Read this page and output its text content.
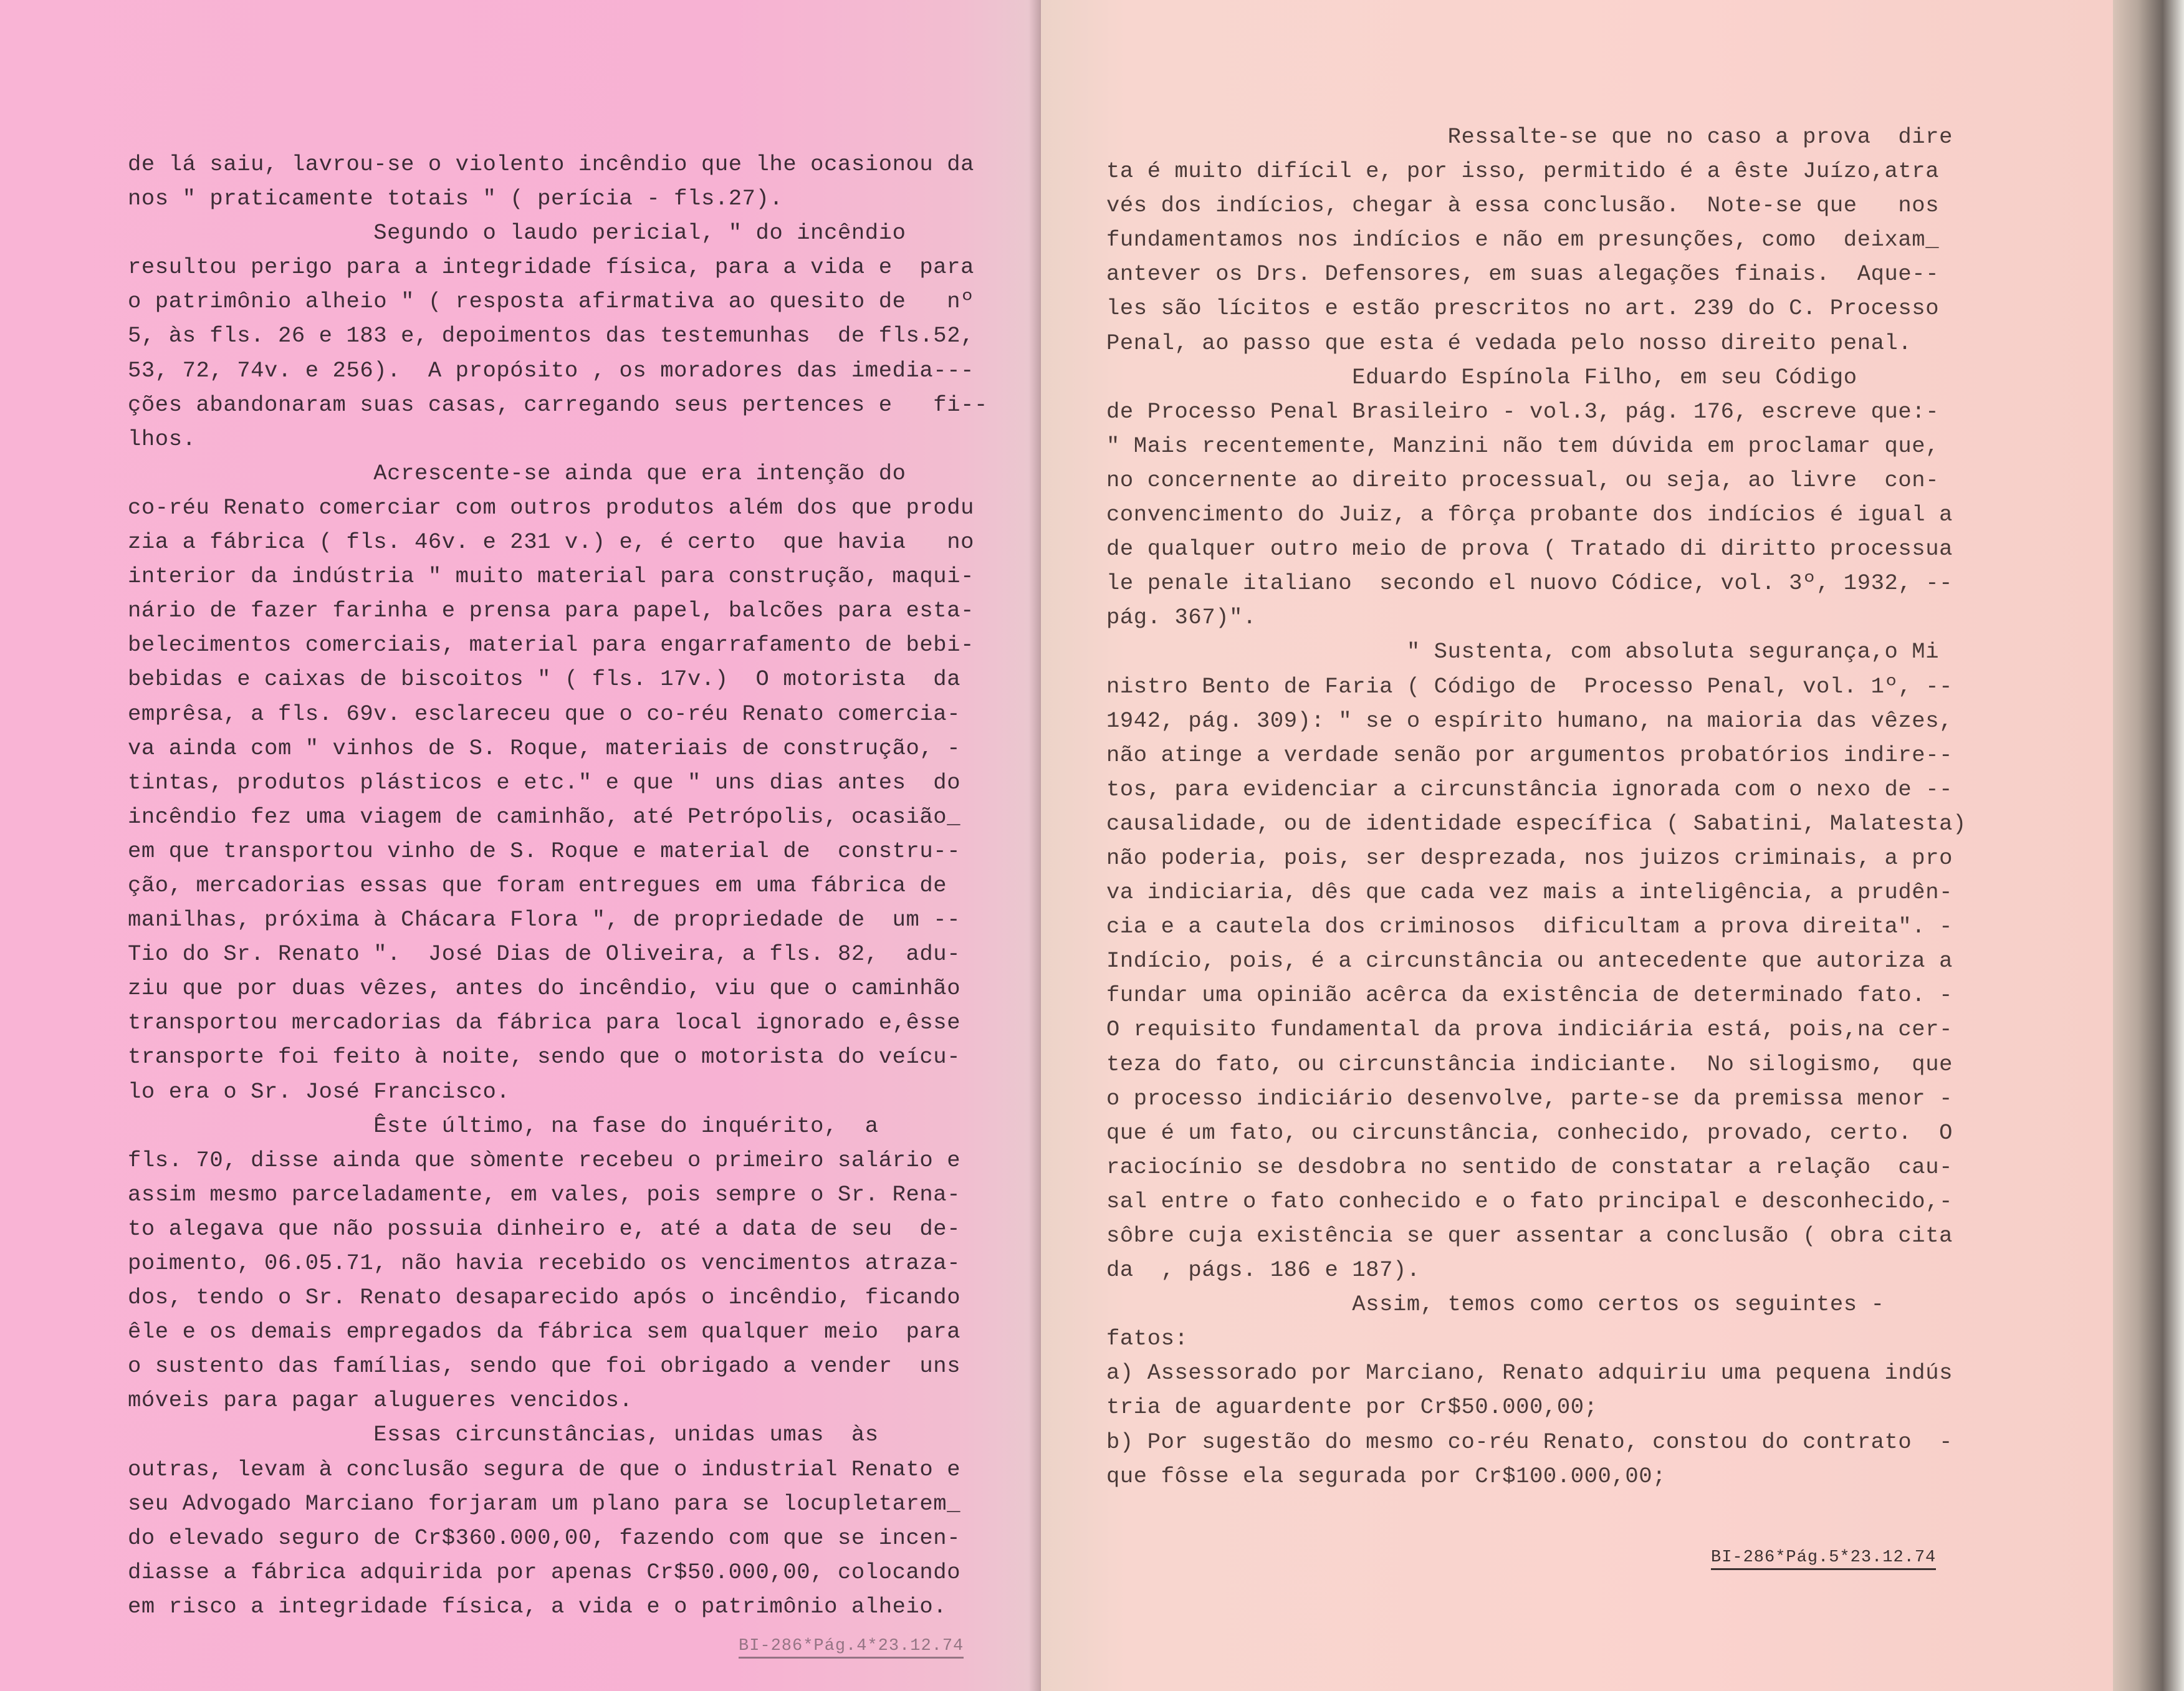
de lá saiu, lavrou-se o violento incêndio que lhe ocasionou da
nos " praticamente totais " ( perícia - fls.27).
Segundo o laudo pericial, " do incêndio
resultou perigo para a integridade física, para a vida e  para
o patrimônio alheio " ( resposta afirmativa ao quesito de   nº
5, às fls. 26 e 183 e, depoimentos das testemunhas  de fls.52,
53, 72, 74v. e 256).  A propósito , os moradores das imedia---
ções abandonaram suas casas, carregando seus pertences e   fi--
lhos.
Acrescente-se ainda que era intenção do
co-réu Renato comerciar com outros produtos além dos que produ
zia a fábrica ( fls. 46v. e 231 v.) e, é certo  que havia   no
interior da indústria " muito material para construção, maqui-
nário de fazer farinha e prensa para papel, balcões para esta-
belecimentos comerciais, material para engarrafamento de bebi-
bebidas e caixas de biscoitos " ( fls. 17v.)  O motorista  da
emprêsa, a fls. 69v. esclareceu que o co-réu Renato comercia-
va ainda com " vinhos de S. Roque, materiais de construção, -
tintas, produtos plásticos e etc." e que " uns dias antes  do
incêndio fez uma viagem de caminhão, até Petrópolis, ocasião_
em que transportou vinho de S. Roque e material de  constru--
ção, mercadorias essas que foram entregues em uma fábrica de
manilhas, próxima à Chácara Flora ", de propriedade de  um --
Tio do Sr. Renato ".  José Dias de Oliveira, a fls. 82,  adu-
ziu que por duas vêzes, antes do incêndio, viu que o caminhão
transportou mercadorias da fábrica para local ignorado e,êsse
transporte foi feito à noite, sendo que o motorista do veícu-
lo era o Sr. José Francisco.
Êste último, na fase do inquérito,  a
fls. 70, disse ainda que sòmente recebeu o primeiro salário e
assim mesmo parceladamente, em vales, pois sempre o Sr. Rena-
to alegava que não possuia dinheiro e, até a data de seu  de-
poimento, 06.05.71, não havia recebido os vencimentos atraza-
dos, tendo o Sr. Renato desaparecido após o incêndio, ficando
êle e os demais empregados da fábrica sem qualquer meio  para
o sustento das famílias, sendo que foi obrigado a vender  uns
móveis para pagar alugueres vencidos.
Essas circunstâncias, unidas umas  às
outras, levam à conclusão segura de que o industrial Renato e
seu Advogado Marciano forjaram um plano para se locupletarem_
do elevado seguro de Cr$360.000,00, fazendo com que se incen-
diasse a fábrica adquirida por apenas Cr$50.000,00, colocando
em risco a integridade física, a vida e o patrimônio alheio.
BI-286*Pág.4*23.12.74
Ressalte-se que no caso a prova  dire
ta é muito difícil e, por isso, permitido é a êste Juízo,atra
vés dos indícios, chegar à essa conclusão.  Note-se que   nos
fundamentamos nos indícios e não em presunções, como  deixam_
antever os Drs. Defensores, em suas alegações finais.  Aque--
les são lícitos e estão prescritos no art. 239 do C. Processo
Penal, ao passo que esta é vedada pelo nosso direito penal.
Eduardo Espínola Filho, em seu Código
de Processo Penal Brasileiro - vol.3, pág. 176, escreve que:-
" Mais recentemente, Manzini não tem dúvida em proclamar que,
no concernente ao direito processual, ou seja, ao livre  con-
convencimento do Juiz, a fôrça probante dos indícios é igual a
de qualquer outro meio de prova ( Tratado di diritto processua
le penale italiano  secondo el nuovo Códice, vol. 3º, 1932, --
pág. 367)".
" Sustenta, com absoluta segurança,o Mi
nistro Bento de Faria ( Código de  Processo Penal, vol. 1º, --
1942, pág. 309): " se o espírito humano, na maioria das vêzes,
não atinge a verdade senão por argumentos probatórios indire--
tos, para evidenciar a circunstância ignorada com o nexo de --
causalidade, ou de identidade específica ( Sabatini, Malatesta)
não poderia, pois, ser desprezada, nos juizos criminais, a pro
va indiciaria, dês que cada vez mais a inteligência, a prudên-
cia e a cautela dos criminosos  dificultam a prova direita". -
Indício, pois, é a circunstância ou antecedente que autoriza a
fundar uma opinião acêrca da existência de determinado fato. -
O requisito fundamental da prova indiciária está, pois,na cer-
teza do fato, ou circunstância indiciante.  No silogismo,  que
o processo indiciário desenvolve, parte-se da premissa menor -
que é um fato, ou circunstância, conhecido, provado, certo.  O
raciocínio se desdobra no sentido de constatar a relação  cau-
sal entre o fato conhecido e o fato principal e desconhecido,-
sôbre cuja existência se quer assentar a conclusão ( obra cita
da  , págs. 186 e 187).
Assim, temos como certos os seguintes -
fatos:
a) Assessorado por Marciano, Renato adquiriu uma pequena indús
tria de aguardente por Cr$50.000,00;
b) Por sugestão do mesmo co-réu Renato, constou do contrato  -
que fôsse ela segurada por Cr$100.000,00;
BI-286*Pág.5*23.12.74
